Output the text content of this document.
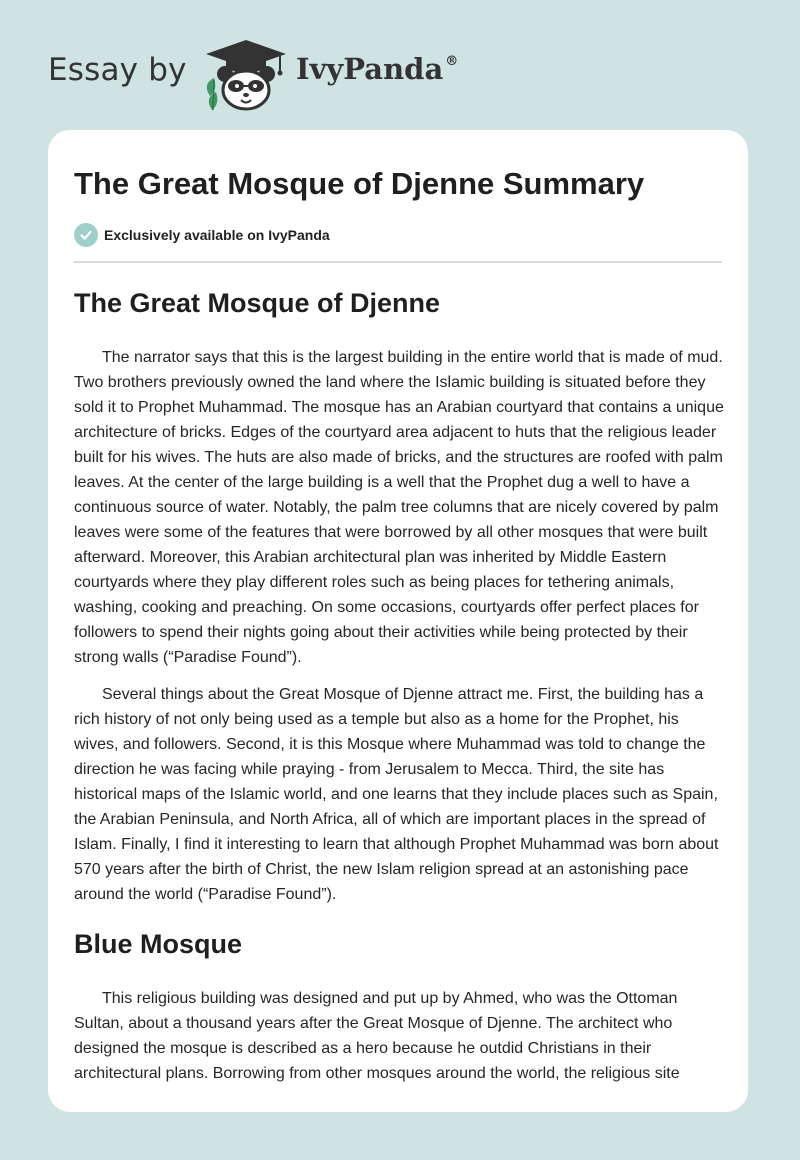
Essay by	IvyPanda ®
The Great Mosque of Djenne Summary
Exclusively available on IvyPanda
The Great Mosque of Djenne

The narrator says that this is the largest building in the entire world that is made of mud. Two brothers previously owned the land where the Islamic building is situated before they sold it to Prophet Muhammad. The mosque has an Arabian courtyard that contains a unique architecture of bricks. Edges of the courtyard area adjacent to huts that the religious leader built for his wives. The huts are also made of bricks, and the structures are roofed with palm leaves. At the center of the large building is a well that the Prophet dug a well to have a continuous source of water. Notably, the palm tree columns that are nicely covered by palm leaves were some of the features that were borrowed by all other mosques that were built afterward. Moreover, this Arabian architectural plan was inherited by Middle Eastern courtyards where they play different roles such as being places for tethering animals, washing, cooking and preaching. On some occasions, courtyards offer perfect places for followers to spend their nights going about their activities while being protected by their strong walls (“Paradise Found”).

Several things about the Great Mosque of Djenne attract me. First, the building has a rich history of not only being used as a temple but also as a home for the Prophet, his wives, and followers. Second, it is this Mosque where Muhammad was told to change the direction he was facing while praying - from Jerusalem to Mecca. Third, the site has historical maps of the Islamic world, and one learns that they include places such as Spain, the Arabian Peninsula, and North Africa, all of which are important places in the spread of Islam. Finally, I find it interesting to learn that although Prophet Muhammad was born about 570 years after the birth of Christ, the new Islam religion spread at an astonishing pace around the world (“Paradise Found”).

Blue Mosque

This religious building was designed and put up by Ahmed, who was the Ottoman Sultan, about a thousand years after the Great Mosque of Djenne. The architect who designed the mosque is described as a hero because he outdid Christians in their architectural plans. Borrowing from other mosques around the world, the religious site
